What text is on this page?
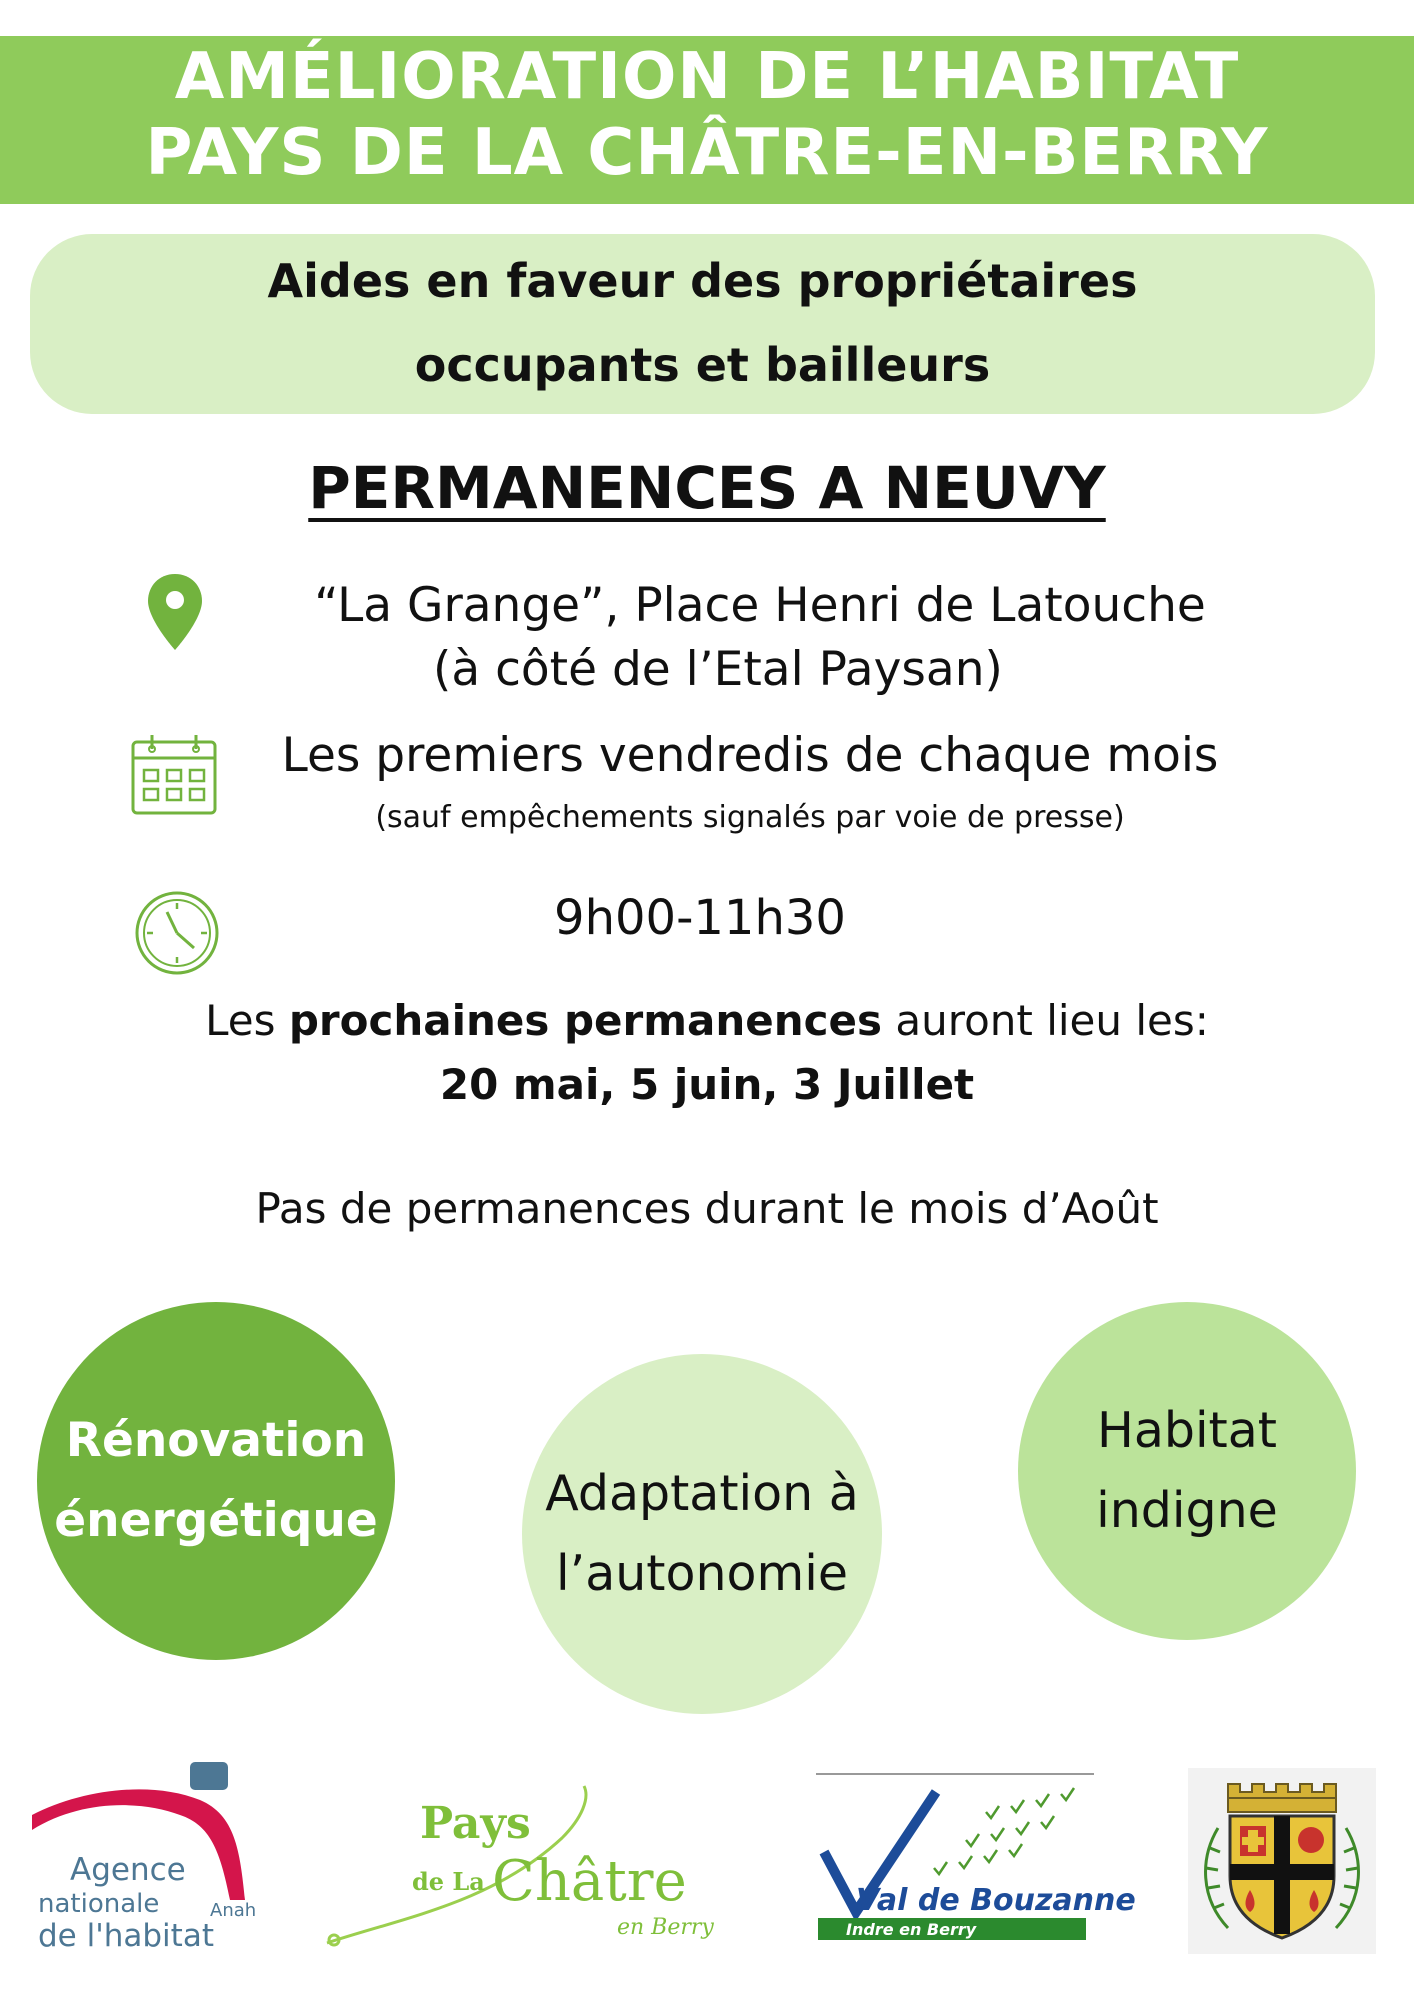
AMÉLIORATION DE L’HABITAT
PAYS DE LA CHÂTRE-EN-BERRY
Aides en faveur des propriétaires
occupants et bailleurs
PERMANENCES A NEUVY
“La Grange”, Place Henri de Latouche
(à côté de l’Etal Paysan)
Les premiers vendredis de chaque mois
(sauf empêchements signalés par voie de presse)
9h00-11h30
Les prochaines permanences auront lieu les:
20 mai, 5 juin, 3 Juillet
Pas de permanences durant le mois d’Août
Rénovation
énergétique	Adaptation à
l’autonomie
Habitat
indigne
Agence
nationale	Anah
de l'habitat
Pays
de La Châtre
en Berry
Val de Bouzanne
Indre en Berry
